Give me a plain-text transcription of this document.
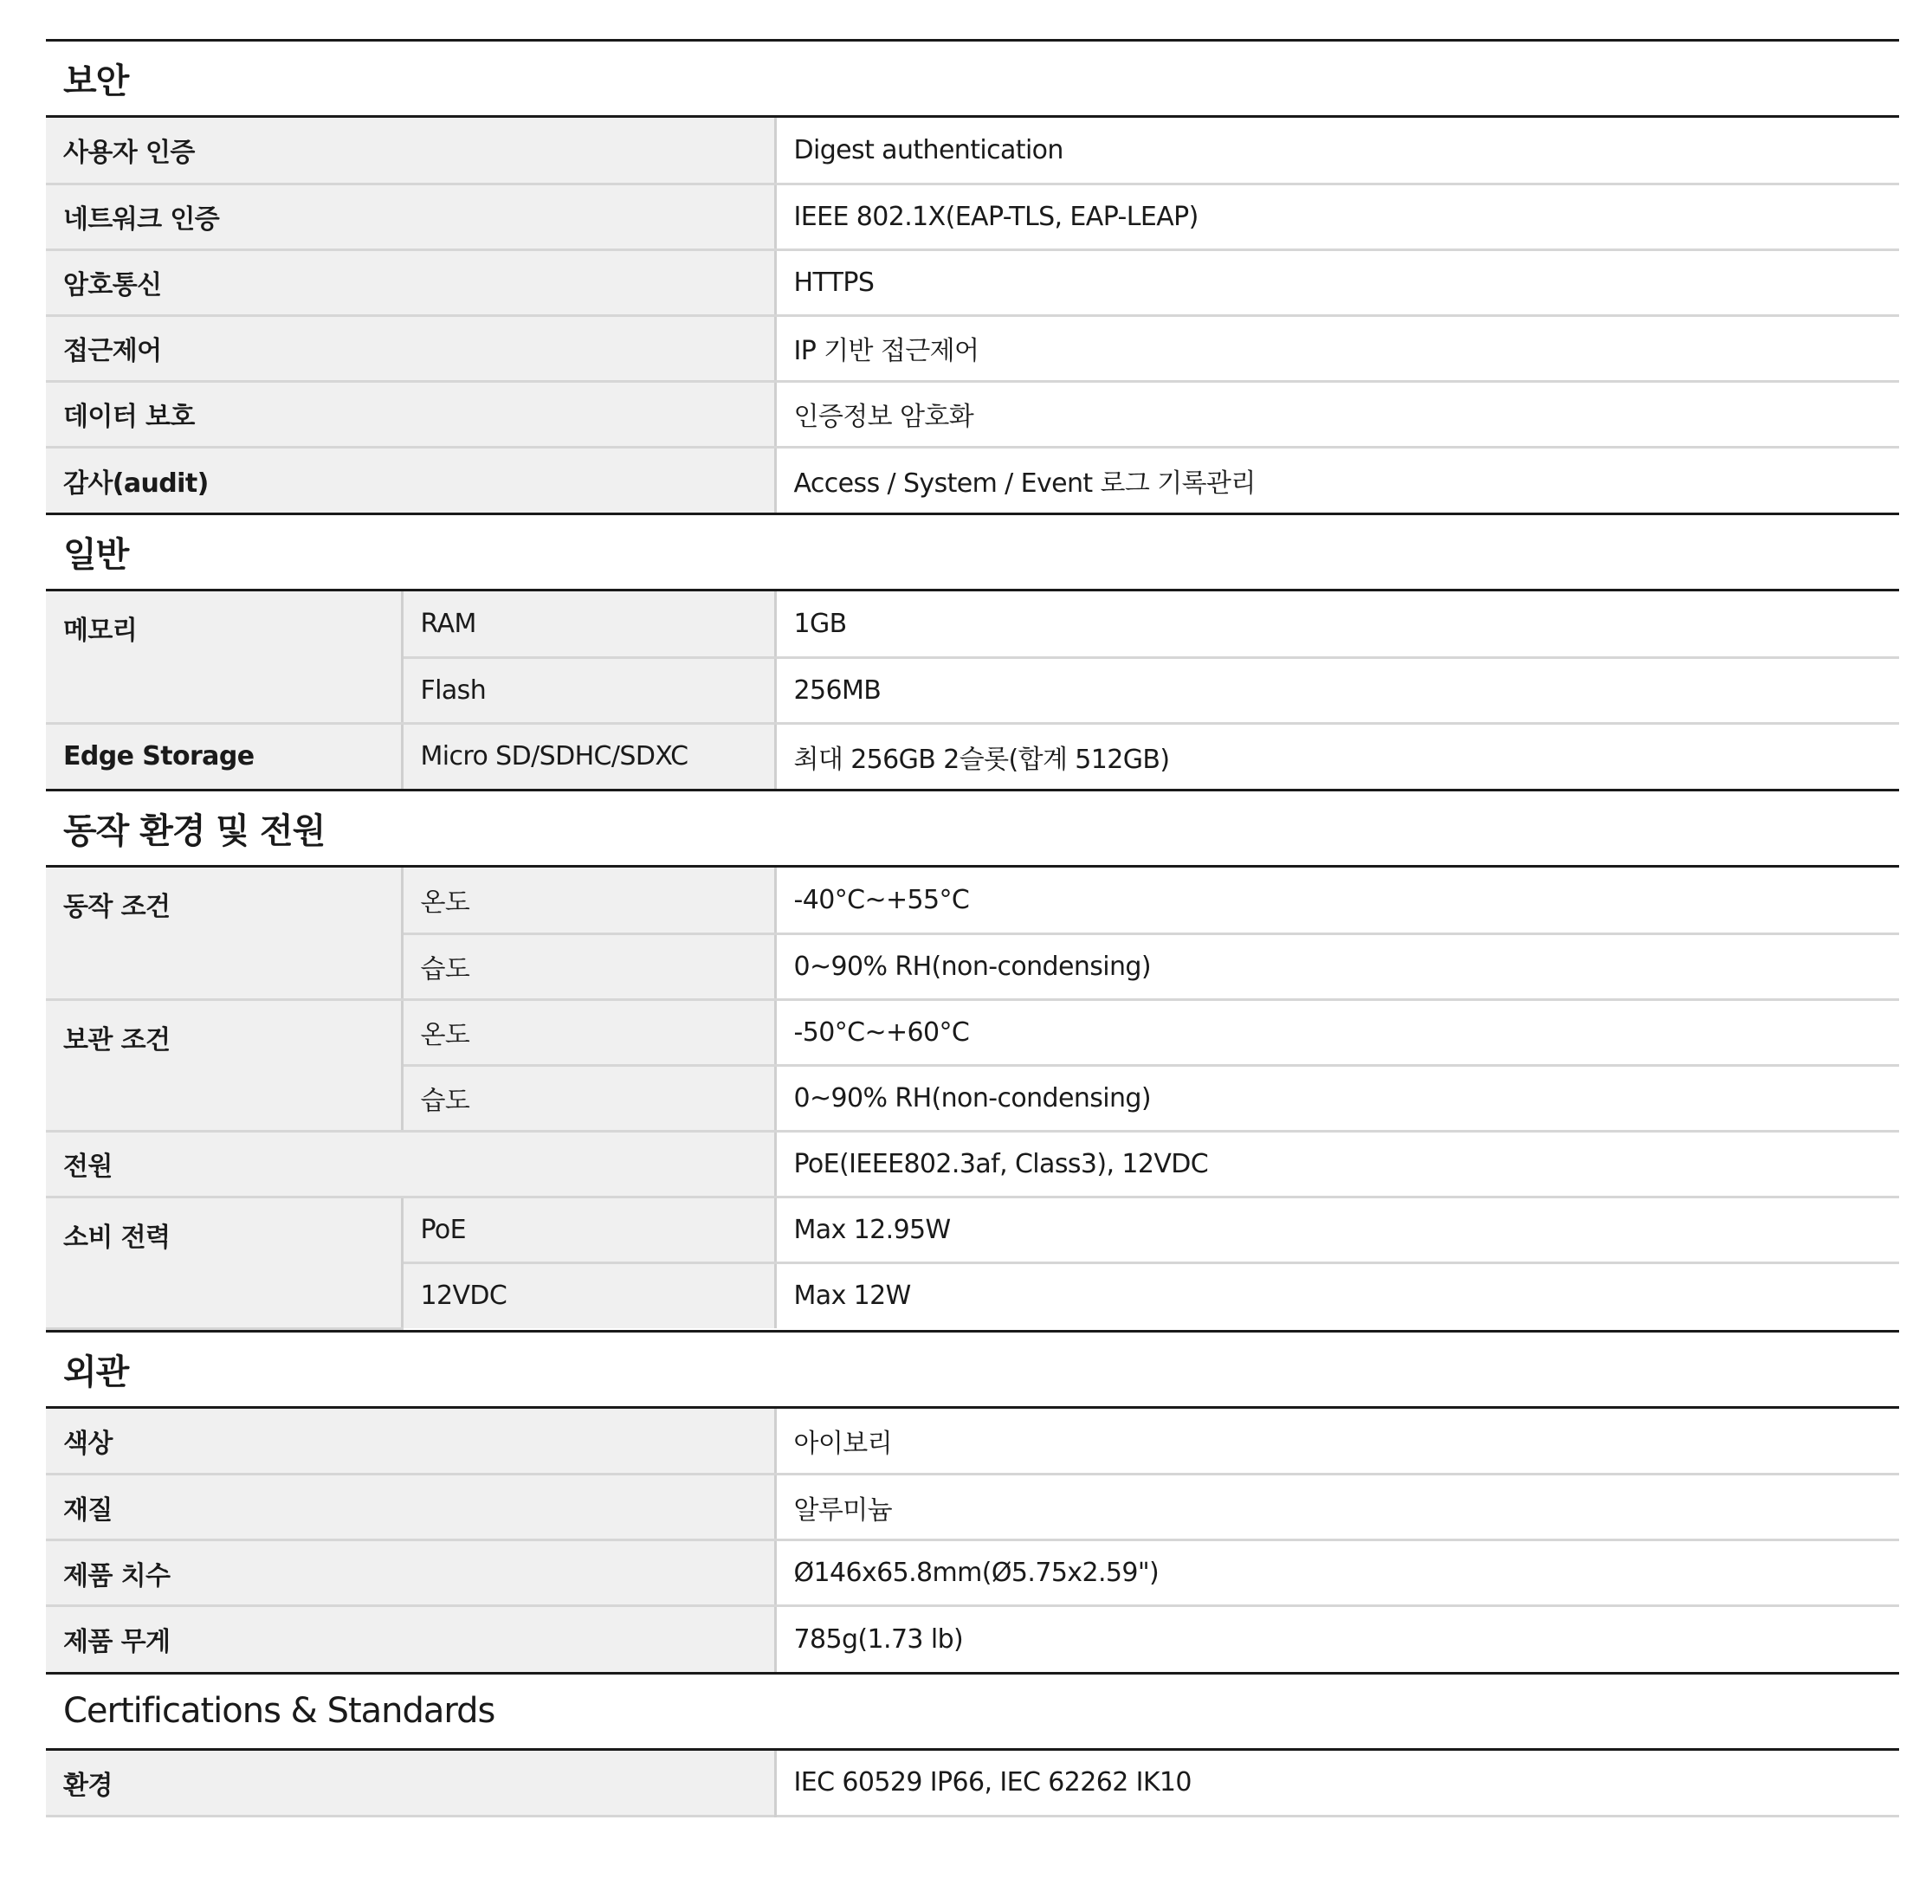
보안
사용자 인증	Digest authentication
네트워크 인증	IEEE 802.1X(EAP-TLS, EAP-LEAP)
암호통신	HTTPS
접근제어	IP 기반 접근제어
데이터 보호	인증정보 암호화
감사(audit)	Access / System / Event 로그 기록관리
일반
메모리	RAM	1GB
	Flash	256MB
Edge Storage	Micro SD/SDHC/SDXC	최대 256GB 2슬롯(합계 512GB)
동작 환경 및 전원
동작 조건	온도	-40°C~+55°C
	습도	0~90% RH(non-condensing)
보관 조건	온도	-50°C~+60°C
	습도	0~90% RH(non-condensing)
전원		PoE(IEEE802.3af, Class3), 12VDC
소비 전력	PoE	Max 12.95W
	12VDC	Max 12W
외관
색상	아이보리
재질	알루미늄
제품 치수	Ø146x65.8mm(Ø5.75x2.59")
제품 무게	785g(1.73 lb)
Certifications & Standards
환경	IEC 60529 IP66, IEC 62262 IK10
